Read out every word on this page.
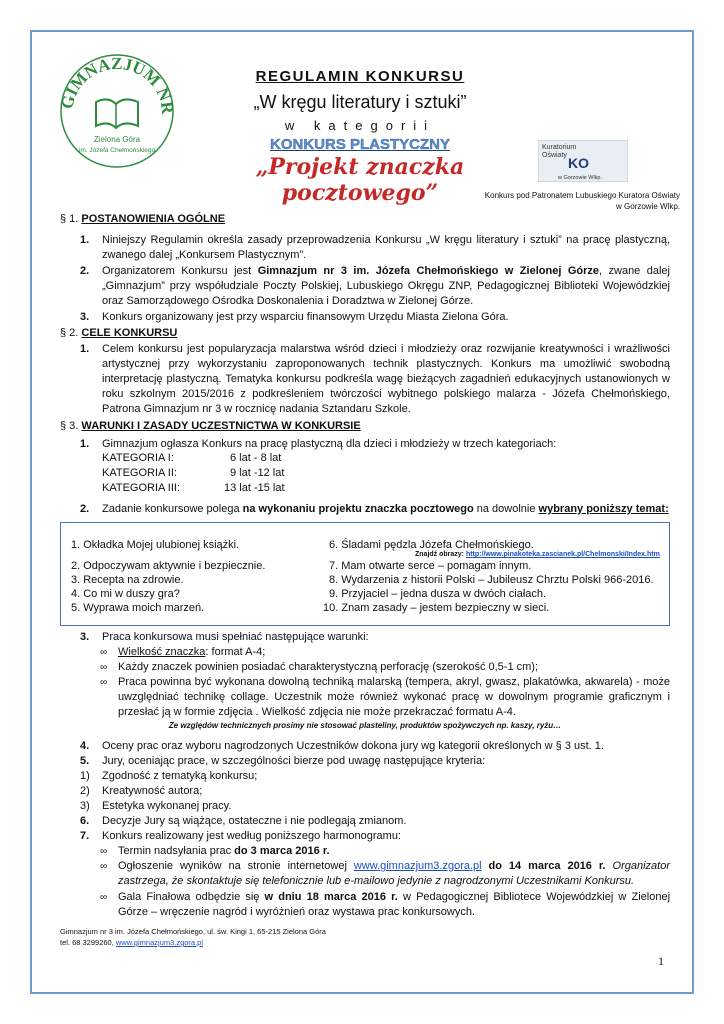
GIMNAZJUM NR
Zielona Góra
im. Józefa Chełmońskiego
REGULAMIN KONKURSU
„W kręgu literatury i sztuki”
w kategorii
KONKURS PLASTYCZNY
„Projekt znaczka pocztowego”
Kuratorium
Oświaty KO
w Gorzowie Wlkp.
Konkurs pod Patronatem Lubuskiego Kuratora Oświaty
w Gorzowie Wlkp.
§ 1. POSTANOWIENIA OGÓLNE
1. Niniejszy Regulamin określa zasady przeprowadzenia Konkursu „W kręgu literatury i sztuki” na pracę plastyczną, zwanego dalej „Konkursem Plastycznym”.
2. Organizatorem Konkursu jest Gimnazjum nr 3 im. Józefa Chełmońskiego w Zielonej Górze, zwane dalej „Gimnazjum” przy współudziale Poczty Polskiej, Lubuskiego Okręgu ZNP, Pedagogicznej Biblioteki Wojewódzkiej oraz Samorządowego Ośrodka Doskonalenia i Doradztwa w Zielonej Górze.
3. Konkurs organizowany jest przy wsparciu finansowym Urzędu Miasta Zielona Góra.
§ 2. CELE KONKURSU
1. Celem konkursu jest popularyzacja malarstwa wśród dzieci i młodzieży oraz rozwijanie kreatywności i wrażliwości artystycznej przy wykorzystaniu zaproponowanych technik plastycznych. Konkurs ma umożliwić swobodną interpretację plastyczną. Tematyka konkursu podkreśla wagę bieżących zagadnień edukacyjnych ustanowionych w roku szkolnym 2015/2016 z podkreśleniem twórczości wybitnego polskiego malarza - Józefa Chełmońskiego, Patrona Gimnazjum nr 3 w rocznicę nadania Sztandaru Szkole.
§ 3. WARUNKI I ZASADY UCZESTNICTWA W KONKURSIE
1. Gimnazjum ogłasza Konkurs na pracę plastyczną dla dzieci i młodzieży w trzech kategoriach:
KATEGORIA I:	6 lat - 8 lat
KATEGORIA II:	9 lat -12 lat
KATEGORIA III:	13 lat -15 lat
2. Zadanie konkursowe polega na wykonaniu projektu znaczka pocztowego na dowolnie wybrany poniższy temat:
1. Okładka Mojej ulubionej książki.
2. Odpoczywam aktywnie i bezpiecznie.
3. Recepta na zdrowie.
4. Co mi w duszy gra?
5. Wyprawa moich marzeń.
6. Śladami pędzla Józefa Chełmońskiego.
Znajdź obrazy: http://www.pinakoteka.zascianek.pl/Chelmonski/Index.htm
7. Mam otwarte serce – pomagam innym.
8. Wydarzenia z historii Polski – Jubileusz Chrztu Polski 966-2016.
9. Przyjaciel – jedna dusza w dwóch ciałach.
10. Znam zasady – jestem bezpieczny w sieci.
3. Praca konkursowa musi spełniać następujące warunki:
∞ Wielkość znaczka: format A-4;
∞ Każdy znaczek powinien posiadać charakterystyczną perforację (szerokość 0,5-1 cm);
∞ Praca powinna być wykonana dowolną techniką malarską (tempera, akryl, gwasz, plakatówka, akwarela) - może uwzględniać technikę collage. Uczestnik może również wykonać pracę w dowolnym programie graficznym i przesłać ją w formie zdjęcia . Wielkość zdjęcia nie może przekraczać formatu A-4.
Ze względów technicznych prosimy nie stosować plasteliny, produktów spożywczych np. kaszy, ryżu…
4. Oceny prac oraz wyboru nagrodzonych Uczestników dokona jury wg kategorii określonych w § 3 ust. 1.
5. Jury, oceniając prace, w szczególności bierze pod uwagę następujące kryteria:
1) Zgodność z tematyką konkursu;
2) Kreatywność autora;
3) Estetyka wykonanej pracy.
6. Decyzje Jury są wiążące, ostateczne i nie podlegają zmianom.
7. Konkurs realizowany jest według poniższego harmonogramu:
∞ Termin nadsyłania prac do 3 marca 2016 r.
∞ Ogłoszenie wyników na stronie internetowej www.gimnazjum3.zgora.pl do 14 marca 2016 r. Organizator zastrzega, że skontaktuje się telefonicznie lub e-mailowo jedynie z nagrodzonymi Uczestnikami Konkursu.
∞ Gala Finałowa odbędzie się w dniu 18 marca 2016 r. w Pedagogicznej Bibliotece Wojewódzkiej w Zielonej Górze – wręczenie nagród i wyróżnień oraz wystawa prac konkursowych.
Gimnazjum nr 3 im. Józefa Chełmońskiego, ul. św. Kingi 1, 65-215 Zielona Góra
tel. 68 3299260, www.gimnazjum3.zgora.pl
1
